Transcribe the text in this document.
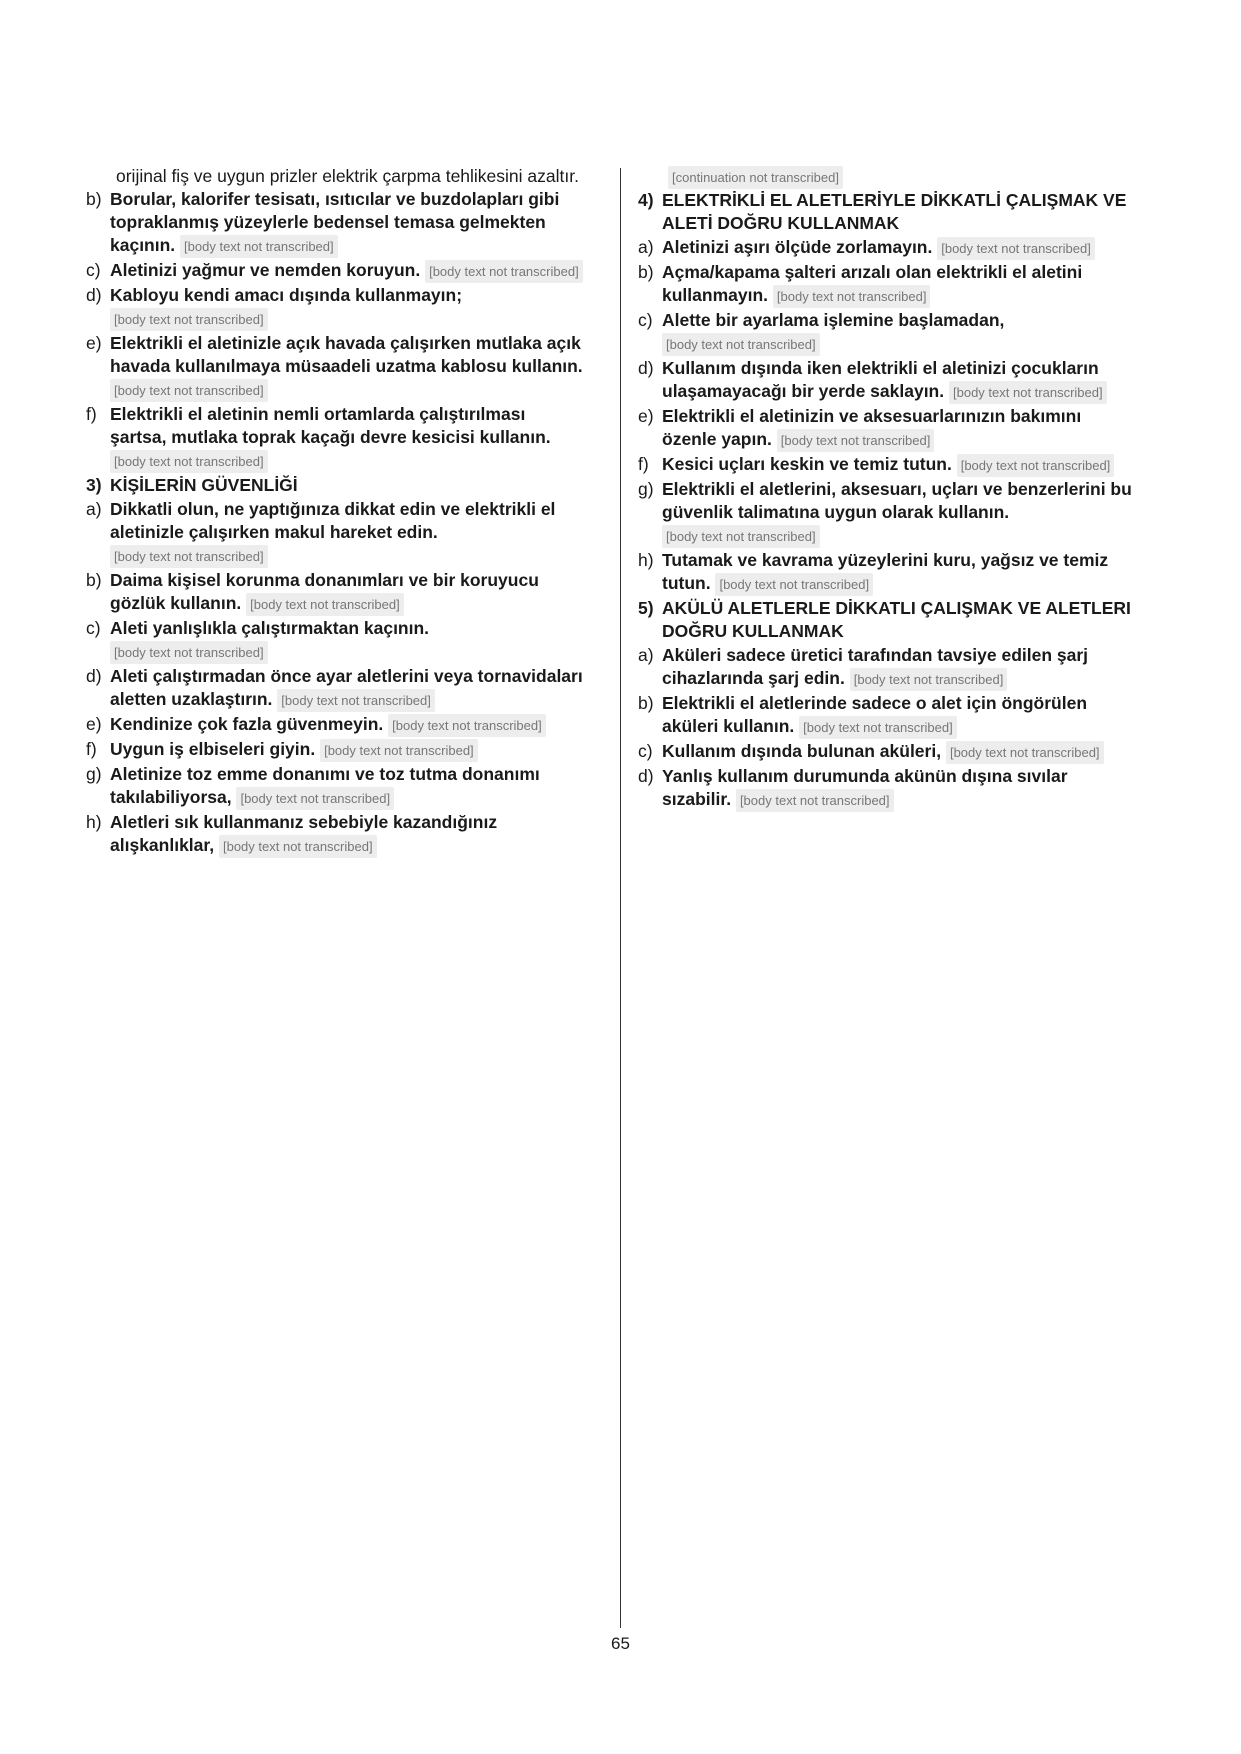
orijinal fiş ve uygun prizler elektrik çarpma tehlikesini azaltır.
b) Borular, kalorifer tesisatı, ısıtıcılar ve buzdolapları gibi topraklanmış yüzeylerle bedensel temasa gelmekten kaçının. [body text not transcribed]
c) Aletinizi yağmur ve nemden koruyun. [body text not transcribed]
d) Kabloyu kendi amacı dışında kullanmayın; [body text not transcribed]
e) Elektrikli el aletinizle açık havada çalışırken mutlaka açık havada kullanılmaya müsaadeli uzatma kablosu kullanın. [body text not transcribed]
f) Elektrikli el aletinin nemli ortamlarda çalıştırılması şartsa, mutlaka toprak kaçağı devre kesicisi kullanın. [body text not transcribed]
3) KİŞİLERİN GÜVENLİĞİ
a) Dikkatli olun, ne yaptığınıza dikkat edin ve elektrikli el aletinizle çalışırken makul hareket edin. [body text not transcribed]
b) Daima kişisel korunma donanımları ve bir koruyucu gözlük kullanın. [body text not transcribed]
c) Aleti yanlışlıkla çalıştırmaktan kaçının. [body text not transcribed]
d) Aleti çalıştırmadan önce ayar aletlerini veya tornavidaları aletten uzaklaştırın. [body text not transcribed]
e) Kendinize çok fazla güvenmeyin. [body text not transcribed]
f) Uygun iş elbiseleri giyin. [body text not transcribed]
g) Aletinize toz emme donanımı ve toz tutma donanımı takılabiliyorsa, [body text not transcribed]
h) Aletleri sık kullanmanız sebebiyle kazandığınız alışkanlıklar, [body text not transcribed]
[continuation not transcribed]
4) ELEKTRİKLİ EL ALETLERİYLE DİKKATLİ ÇALIŞMAK VE ALETİ DOĞRU KULLANMAK
a) Aletinizi aşırı ölçüde zorlamayın. [body text not transcribed]
b) Açma/kapama şalteri arızalı olan elektrikli el aletini kullanmayın. [body text not transcribed]
c) Alette bir ayarlama işlemine başlamadan, [body text not transcribed]
d) Kullanım dışında iken elektrikli el aletinizi çocukların ulaşamayacağı bir yerde saklayın. [body text not transcribed]
e) Elektrikli el aletinizin ve aksesuarlarınızın bakımını özenle yapın. [body text not transcribed]
f) Kesici uçları keskin ve temiz tutun. [body text not transcribed]
g) Elektrikli el aletlerini, aksesuarı, uçları ve benzerlerini bu güvenlik talimatına uygun olarak kullanın. [body text not transcribed]
h) Tutamak ve kavrama yüzeylerini kuru, yağsız ve temiz tutun. [body text not transcribed]
5) AKÜLÜ ALETLERLE DİKKATLI ÇALIŞMAK VE ALETLERI DOĞRU KULLANMAK
a) Aküleri sadece üretici tarafından tavsiye edilen şarj cihazlarında şarj edin. [body text not transcribed]
b) Elektrikli el aletlerinde sadece o alet için öngörülen aküleri kullanın. [body text not transcribed]
c) Kullanım dışında bulunan aküleri, [body text not transcribed]
d) Yanlış kullanım durumunda akünün dışına sıvılar sızabilir. [body text not transcribed]
65
